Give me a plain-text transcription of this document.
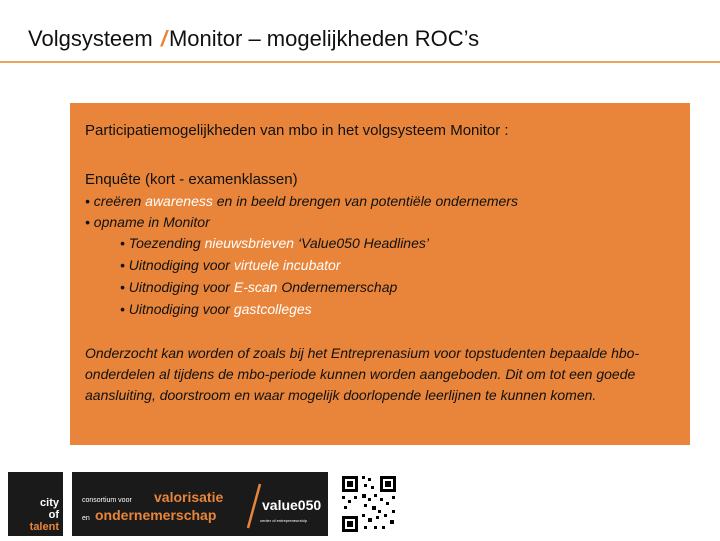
Volgsysteem /Monitor – mogelijkheden ROC’s
Participatiemogelijkheden van mbo in het volgsysteem Monitor :
Enquête (kort - examenklassen)
• creëren awareness en in beeld brengen van potentiële ondernemers
• opname in Monitor
• Toezending nieuwsbrieven ‘Value050 Headlines’
• Uitnodiging voor virtuele incubator
• Uitnodiging voor E-scan Ondernemerschap
• Uitnodiging voor gastcolleges
Onderzocht kan worden of zoals bij het Entreprenasium voor topstudenten bepaalde hbo-onderdelen al tijdens de mbo-periode kunnen worden aangeboden. Dit om tot een goede aansluiting, doorstroom en waar mogelijk doorlopende leerlijnen te kunnen komen.
city
of
talent
consortium voor valorisatie
en ondernemerschap
value050
center of entrepreneurship
